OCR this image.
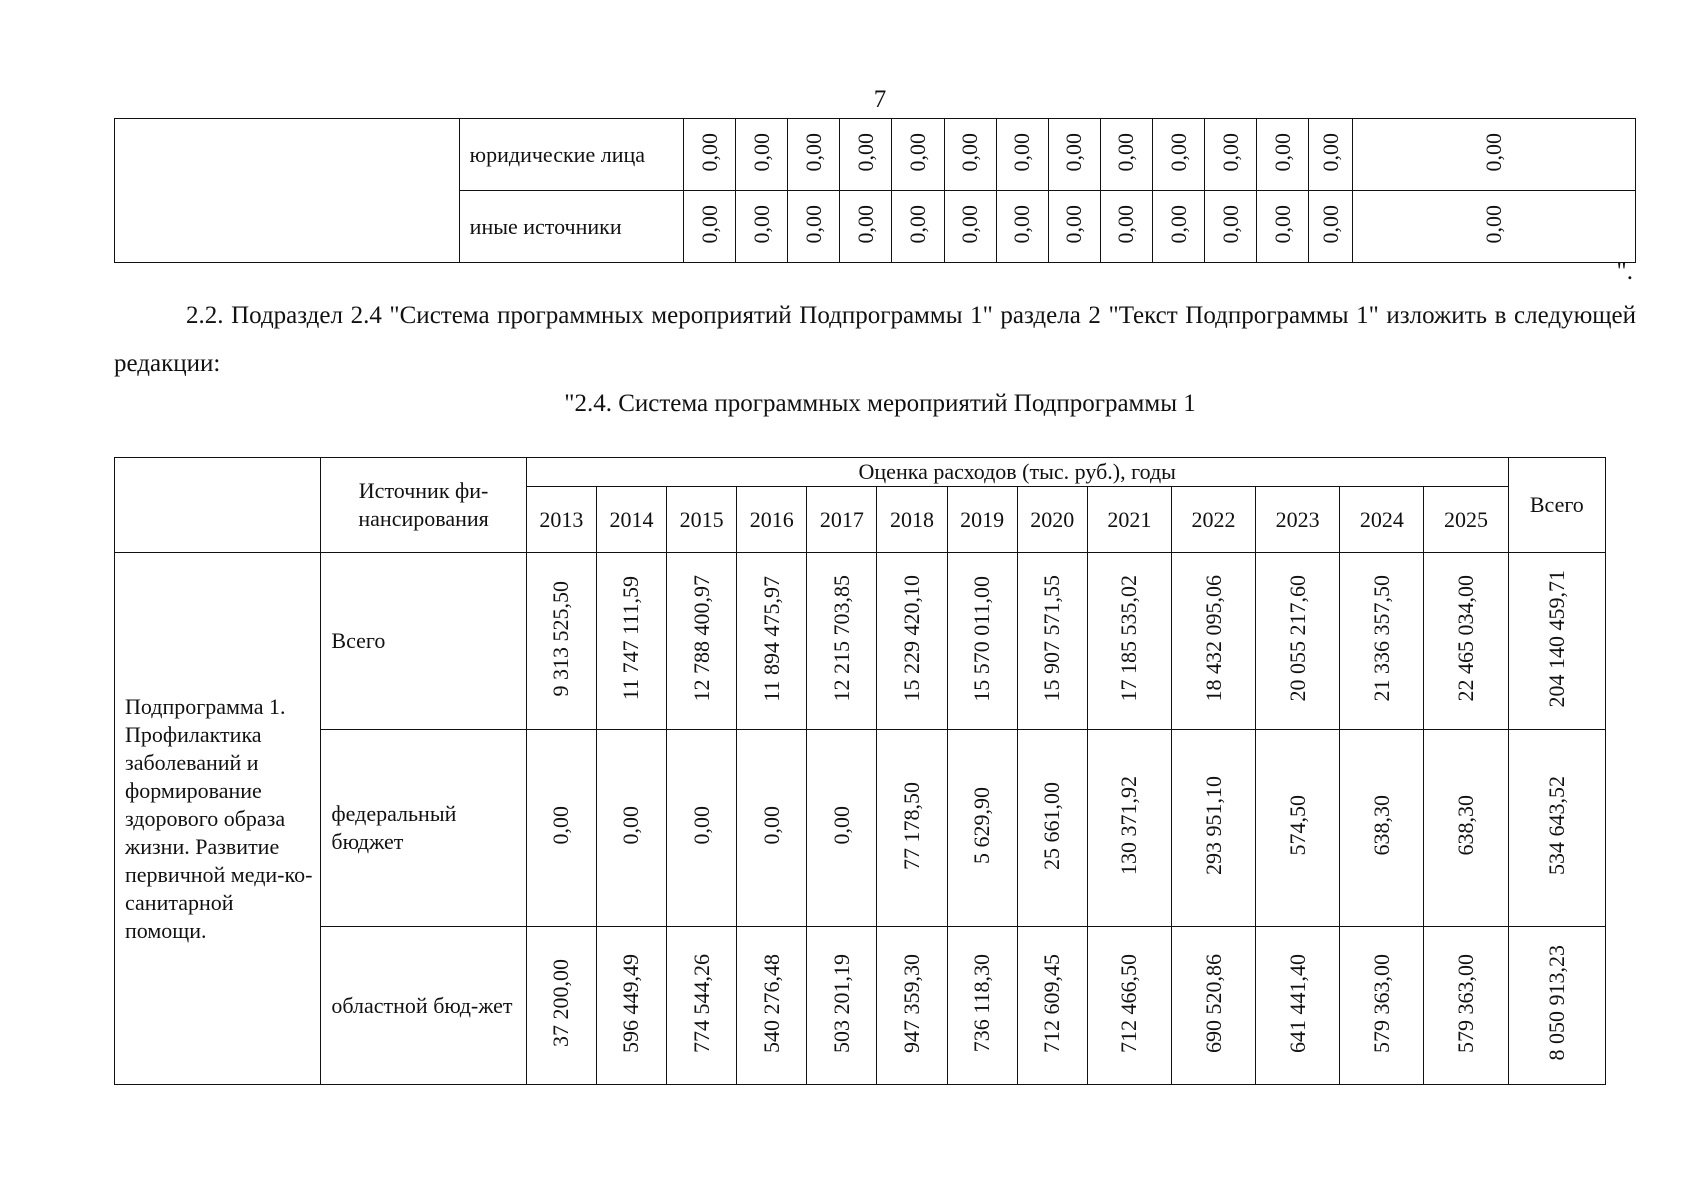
7
	юридические лица	0,00	0,00	0,00	0,00	0,00	0,00	0,00	0,00	0,00	0,00	0,00	0,00	0,00	0,00
	иные источники	0,00	0,00	0,00	0,00	0,00	0,00	0,00	0,00	0,00	0,00	0,00	0,00	0,00	0,00
".
2.2. Подраздел 2.4 "Система программных мероприятий Подпрограммы 1" раздела 2 "Текст Подпрограммы 1" изложить в следующей редакции:
"2.4. Система программных мероприятий Подпрограммы 1
	Источник фи-нансирования	Оценка расходов (тыс. руб.), годы													Всего
		2013	2014	2015	2016	2017	2018	2019	2020	2021	2022	2023	2024	2025	
Подпрограмма 1. Профилактика заболеваний и формирование здорового образа жизни. Развитие первичной меди-ко-санитарной помощи.	Всего	9 313 525,50	11 747 111,59	12 788 400,97	11 894 475,97	12 215 703,85	15 229 420,10	15 570 011,00	15 907 571,55	17 185 535,02	18 432 095,06	20 055 217,60	21 336 357,50	22 465 034,00	204 140 459,71
	федеральный бюджет	0,00	0,00	0,00	0,00	0,00	77 178,50	5 629,90	25 661,00	130 371,92	293 951,10	574,50	638,30	638,30	534 643,52
	областной бюд-жет	37 200,00	596 449,49	774 544,26	540 276,48	503 201,19	947 359,30	736 118,30	712 609,45	712 466,50	690 520,86	641 441,40	579 363,00	579 363,00	8 050 913,23
